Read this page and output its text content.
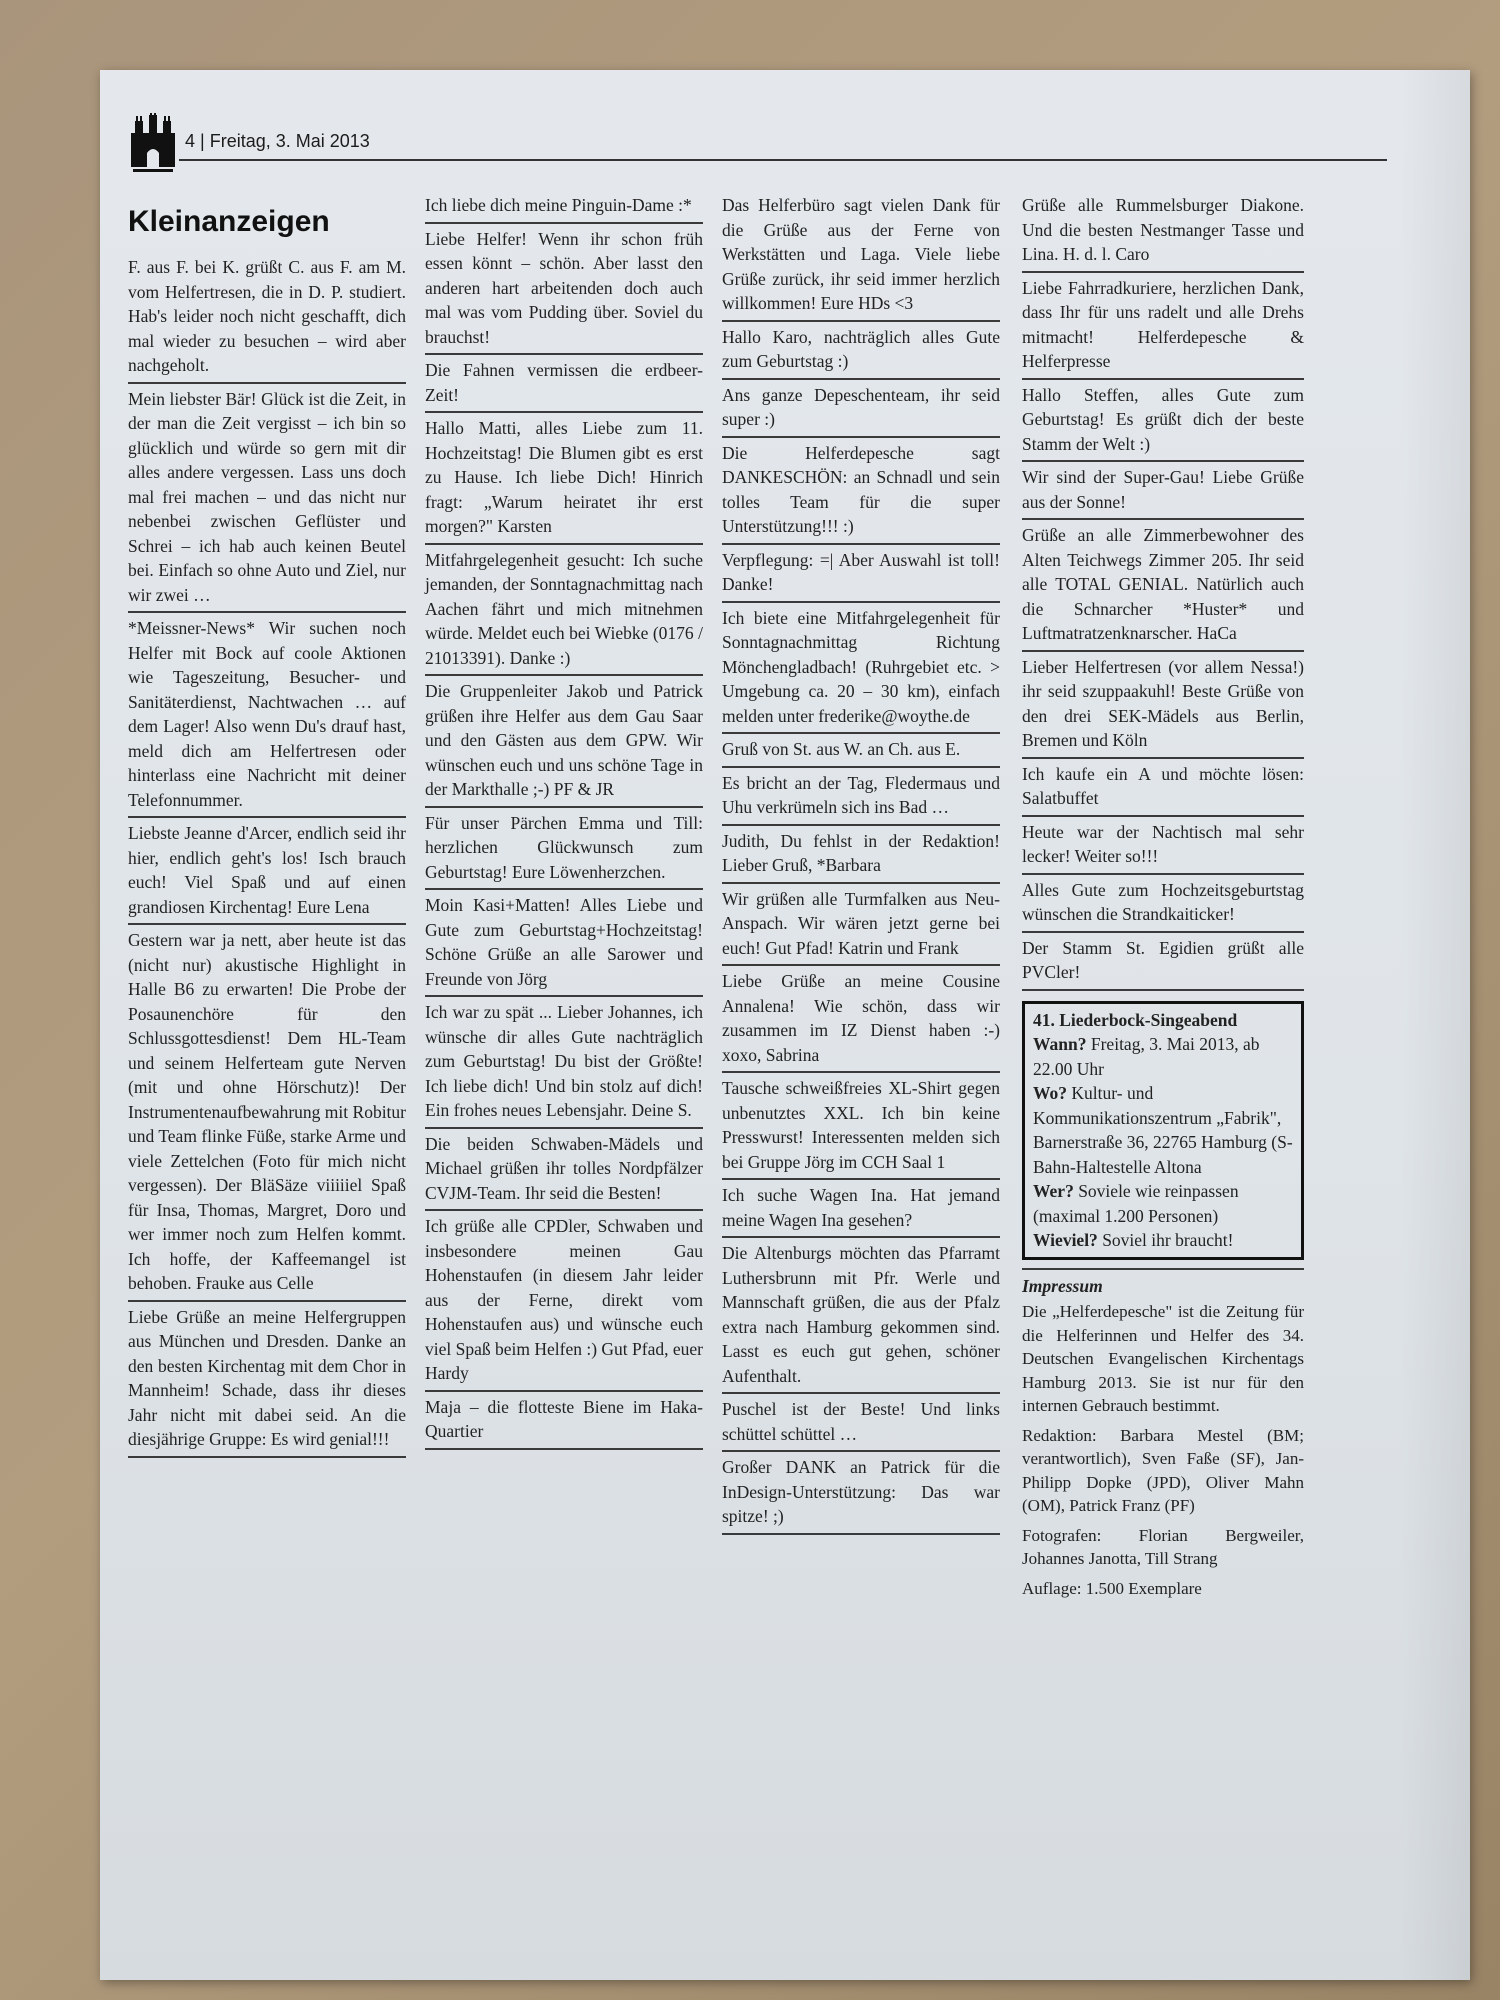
4 | Freitag, 3. Mai 2013
Kleinanzeigen
F. aus F. bei K. grüßt C. aus F. am M. vom Helfertresen, die in D. P. studiert. Hab's leider noch nicht geschafft, dich mal wieder zu besuchen – wird aber nachgeholt.
Mein liebster Bär! Glück ist die Zeit, in der man die Zeit vergisst – ich bin so glücklich und würde so gern mit dir alles andere vergessen. Lass uns doch mal frei machen – und das nicht nur nebenbei zwischen Geflüster und Schrei – ich hab auch keinen Beutel bei. Einfach so ohne Auto und Ziel, nur wir zwei …
*Meissner-News* Wir suchen noch Helfer mit Bock auf coole Aktionen wie Tageszeitung, Besucher- und Sanitäterdienst, Nachtwachen … auf dem Lager! Also wenn Du's drauf hast, meld dich am Helfertresen oder hinterlass eine Nachricht mit deiner Telefonnummer.
Liebste Jeanne d'Arcer, endlich seid ihr hier, endlich geht's los! Isch brauch euch! Viel Spaß und auf einen grandiosen Kirchentag! Eure Lena
Gestern war ja nett, aber heute ist das (nicht nur) akustische Highlight in Halle B6 zu erwarten! Die Probe der Posaunenchöre für den Schlussgottesdienst! Dem HL-Team und seinem Helferteam gute Nerven (mit und ohne Hörschutz)! Der Instrumentenaufbewahrung mit Robitur und Team flinke Füße, starke Arme und viele Zettelchen (Foto für mich nicht vergessen). Der BläSäze viiiiiel Spaß für Insa, Thomas, Margret, Doro und wer immer noch zum Helfen kommt. Ich hoffe, der Kaffeemangel ist behoben. Frauke aus Celle
Liebe Grüße an meine Helfergruppen aus München und Dresden. Danke an den besten Kirchentag mit dem Chor in Mannheim! Schade, dass ihr dieses Jahr nicht mit dabei seid. An die diesjährige Gruppe: Es wird genial!!!
Ich liebe dich meine Pinguin-Dame :*
Liebe Helfer! Wenn ihr schon früh essen könnt – schön. Aber lasst den anderen hart arbeitenden doch auch mal was vom Pudding über. Soviel du brauchst!
Die Fahnen vermissen die erdbeer-Zeit!
Hallo Matti, alles Liebe zum 11. Hochzeitstag! Die Blumen gibt es erst zu Hause. Ich liebe Dich! Hinrich fragt: „Warum heiratet ihr erst morgen?" Karsten
Mitfahrgelegenheit gesucht: Ich suche jemanden, der Sonntagnachmittag nach Aachen fährt und mich mitnehmen würde. Meldet euch bei Wiebke (0176 / 21013391). Danke :)
Die Gruppenleiter Jakob und Patrick grüßen ihre Helfer aus dem Gau Saar und den Gästen aus dem GPW. Wir wünschen euch und uns schöne Tage in der Markthalle ;-) PF & JR
Für unser Pärchen Emma und Till: herzlichen Glückwunsch zum Geburtstag! Eure Löwenherzchen.
Moin Kasi+Matten! Alles Liebe und Gute zum Geburtstag+Hochzeitstag! Schöne Grüße an alle Sarower und Freunde von Jörg
Ich war zu spät ... Lieber Johannes, ich wünsche dir alles Gute nachträglich zum Geburtstag! Du bist der Größte! Ich liebe dich! Und bin stolz auf dich! Ein frohes neues Lebensjahr. Deine S.
Die beiden Schwaben-Mädels und Michael grüßen ihr tolles Nordpfälzer CVJM-Team. Ihr seid die Besten!
Ich grüße alle CPDler, Schwaben und insbesondere meinen Gau Hohenstaufen (in diesem Jahr leider aus der Ferne, direkt vom Hohenstaufen aus) und wünsche euch viel Spaß beim Helfen :) Gut Pfad, euer Hardy
Maja – die flotteste Biene im Haka-Quartier
Das Helferbüro sagt vielen Dank für die Grüße aus der Ferne von Werkstätten und Laga. Viele liebe Grüße zurück, ihr seid immer herzlich willkommen! Eure HDs <3
Hallo Karo, nachträglich alles Gute zum Geburtstag :)
Ans ganze Depeschenteam, ihr seid super :)
Die Helferdepesche sagt DANKESCHÖN: an Schnadl und sein tolles Team für die super Unterstützung!!! :)
Verpflegung: =| Aber Auswahl ist toll! Danke!
Ich biete eine Mitfahrgelegenheit für Sonntagnachmittag Richtung Mönchengladbach! (Ruhrgebiet etc. > Umgebung ca. 20 – 30 km), einfach melden unter frederike@woythe.de
Gruß von St. aus W. an Ch. aus E.
Es bricht an der Tag, Fledermaus und Uhu verkrümeln sich ins Bad …
Judith, Du fehlst in der Redaktion! Lieber Gruß, *Barbara
Wir grüßen alle Turmfalken aus Neu-Anspach. Wir wären jetzt gerne bei euch! Gut Pfad! Katrin und Frank
Liebe Grüße an meine Cousine Annalena! Wie schön, dass wir zusammen im IZ Dienst haben :-) xoxo, Sabrina
Tausche schweißfreies XL-Shirt gegen unbenutztes XXL. Ich bin keine Presswurst! Interessenten melden sich bei Gruppe Jörg im CCH Saal 1
Ich suche Wagen Ina. Hat jemand meine Wagen Ina gesehen?
Die Altenburgs möchten das Pfarramt Luthersbrunn mit Pfr. Werle und Mannschaft grüßen, die aus der Pfalz extra nach Hamburg gekommen sind. Lasst es euch gut gehen, schöner Aufenthalt.
Puschel ist der Beste! Und links schüttel schüttel …
Großer DANK an Patrick für die InDesign-Unterstützung: Das war spitze! ;)
Grüße alle Rummelsburger Diakone. Und die besten Nestmanger Tasse und Lina. H. d. l. Caro
Liebe Fahrradkuriere, herzlichen Dank, dass Ihr für uns radelt und alle Drehs mitmacht! Helferdepesche & Helferpresse
Hallo Steffen, alles Gute zum Geburtstag! Es grüßt dich der beste Stamm der Welt :)
Wir sind der Super-Gau! Liebe Grüße aus der Sonne!
Grüße an alle Zimmerbewohner des Alten Teichwegs Zimmer 205. Ihr seid alle TOTAL GENIAL. Natürlich auch die Schnarcher *Huster* und Luftmatratzenknarscher. HaCa
Lieber Helfertresen (vor allem Nessa!) ihr seid szuppaakuhl! Beste Grüße von den drei SEK-Mädels aus Berlin, Bremen und Köln
Ich kaufe ein A und möchte lösen: Salatbuffet
Heute war der Nachtisch mal sehr lecker! Weiter so!!!
Alles Gute zum Hochzeitsgeburtstag wünschen die Strandkaiticker!
Der Stamm St. Egidien grüßt alle PVCler!
41. Liederbock-Singeabend
Wann? Freitag, 3. Mai 2013, ab 22.00 Uhr
Wo? Kultur- und Kommunikationszentrum „Fabrik", Barnerstraße 36, 22765 Hamburg (S-Bahn-Haltestelle Altona
Wer? Soviele wie reinpassen (maximal 1.200 Personen)
Wieviel? Soviel ihr braucht!
Impressum
Die „Helferdepesche" ist die Zeitung für die Helferinnen und Helfer des 34. Deutschen Evangelischen Kirchentags Hamburg 2013. Sie ist nur für den internen Gebrauch bestimmt.
Redaktion: Barbara Mestel (BM; verantwortlich), Sven Faße (SF), Jan-Philipp Dopke (JPD), Oliver Mahn (OM), Patrick Franz (PF)
Fotografen: Florian Bergweiler, Johannes Janotta, Till Strang
Auflage: 1.500 Exemplare
